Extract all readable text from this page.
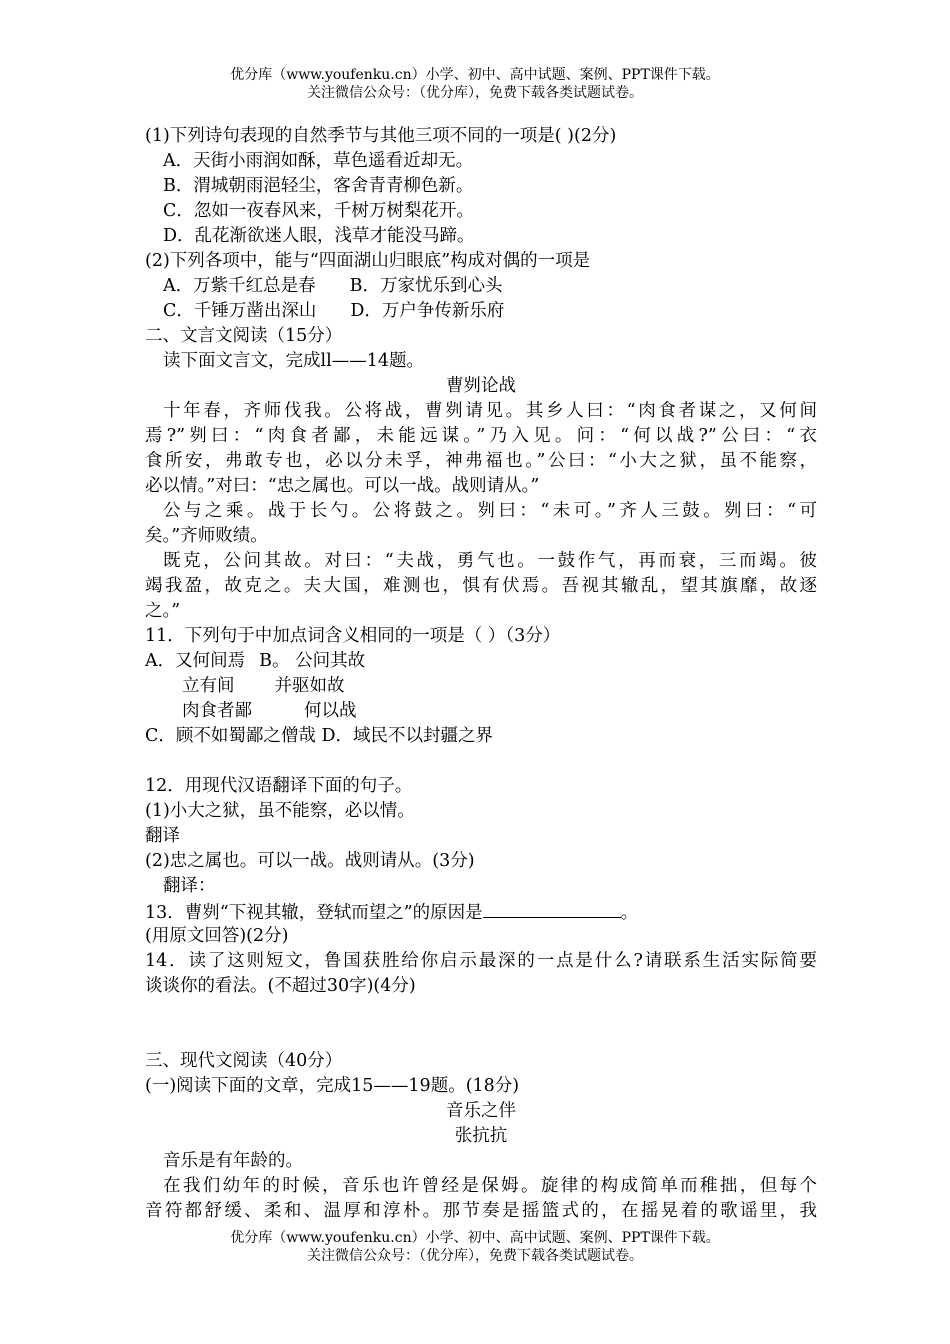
优分库（www.youfenku.cn）小学、初中、高中试题、案例、PPT课件下载。
关注微信公众号：（优分库），免费下载各类试题试卷。
(1)下列诗句表现的自然季节与其他三项不同的一项是( )(2分)
A．天街小雨润如酥，草色遥看近却无。
B．渭城朝雨浥轻尘，客舍青青柳色新。
C．忽如一夜春风来，千树万树梨花开。
D．乱花渐欲迷人眼，浅草才能没马蹄。
(2)下列各项中，能与“四面湖山归眼底”构成对偶的一项是
A．万紫千红总是春 B．万家忧乐到心头
C．千锤万凿出深山 D．万户争传新乐府
二、文言文阅读（15分）
读下面文言文，完成ll——14题。
曹刿论战
十年春，齐师伐我。公将战，曹刿请见。其乡人曰：“肉食者谋之，又何间
焉?”刿曰：“肉食者鄙，未能远谋。”乃入见。问：“何以战?”公曰：“衣
食所安，弗敢专也，必以分未孚，神弗福也。”公曰：“小大之狱，虽不能察，
必以情。”对曰：“忠之属也。可以一战。战则请从。”
公与之乘。战于长勺。公将鼓之。刿曰：“未可。”齐人三鼓。刿曰：“可
矣。”齐师败绩。
既克，公问其故。对曰：“夫战，勇气也。一鼓作气，再而衰，三而竭。彼
竭我盈，故克之。夫大国，难测也，惧有伏焉。吾视其辙乱，望其旗靡，故逐
之。”
11．下列句于中加点词含义相同的一项是（ ）（3分）
A．又何间焉 B。 公问其故
立有间 并驱如故
肉食者鄙	何以战
C．顾不如蜀鄙之僧哉 D．域民不以封疆之界
12．用现代汉语翻译下面的句子。
(1)小大之狱，虽不能察，必以情。
翻译
(2)忠之属也。可以一战。战则请从。(3分)
翻译：
13．曹刿“下视其辙，登轼而望之”的原因是	。
(用原文回答)(2分)
14．读了这则短文，鲁国获胜给你启示最深的一点是什么?请联系生活实际简要
谈谈你的看法。(不超过30字)(4分)
三、现代文阅读（40分）
(一)阅读下面的文章，完成15——19题。(18分)
音乐之伴
张抗抗
音乐是有年龄的。
在我们幼年的时候，音乐也许曾经是保姆。旋律的构成简单而稚拙，但每个
音符都舒缓、柔和、温厚和淳朴。那节奏是摇篮式的，在摇晃着的歌谣里，我
优分库（www.youfenku.cn）小学、初中、高中试题、案例、PPT课件下载。
关注微信公众号：（优分库），免费下载各类试题试卷。
